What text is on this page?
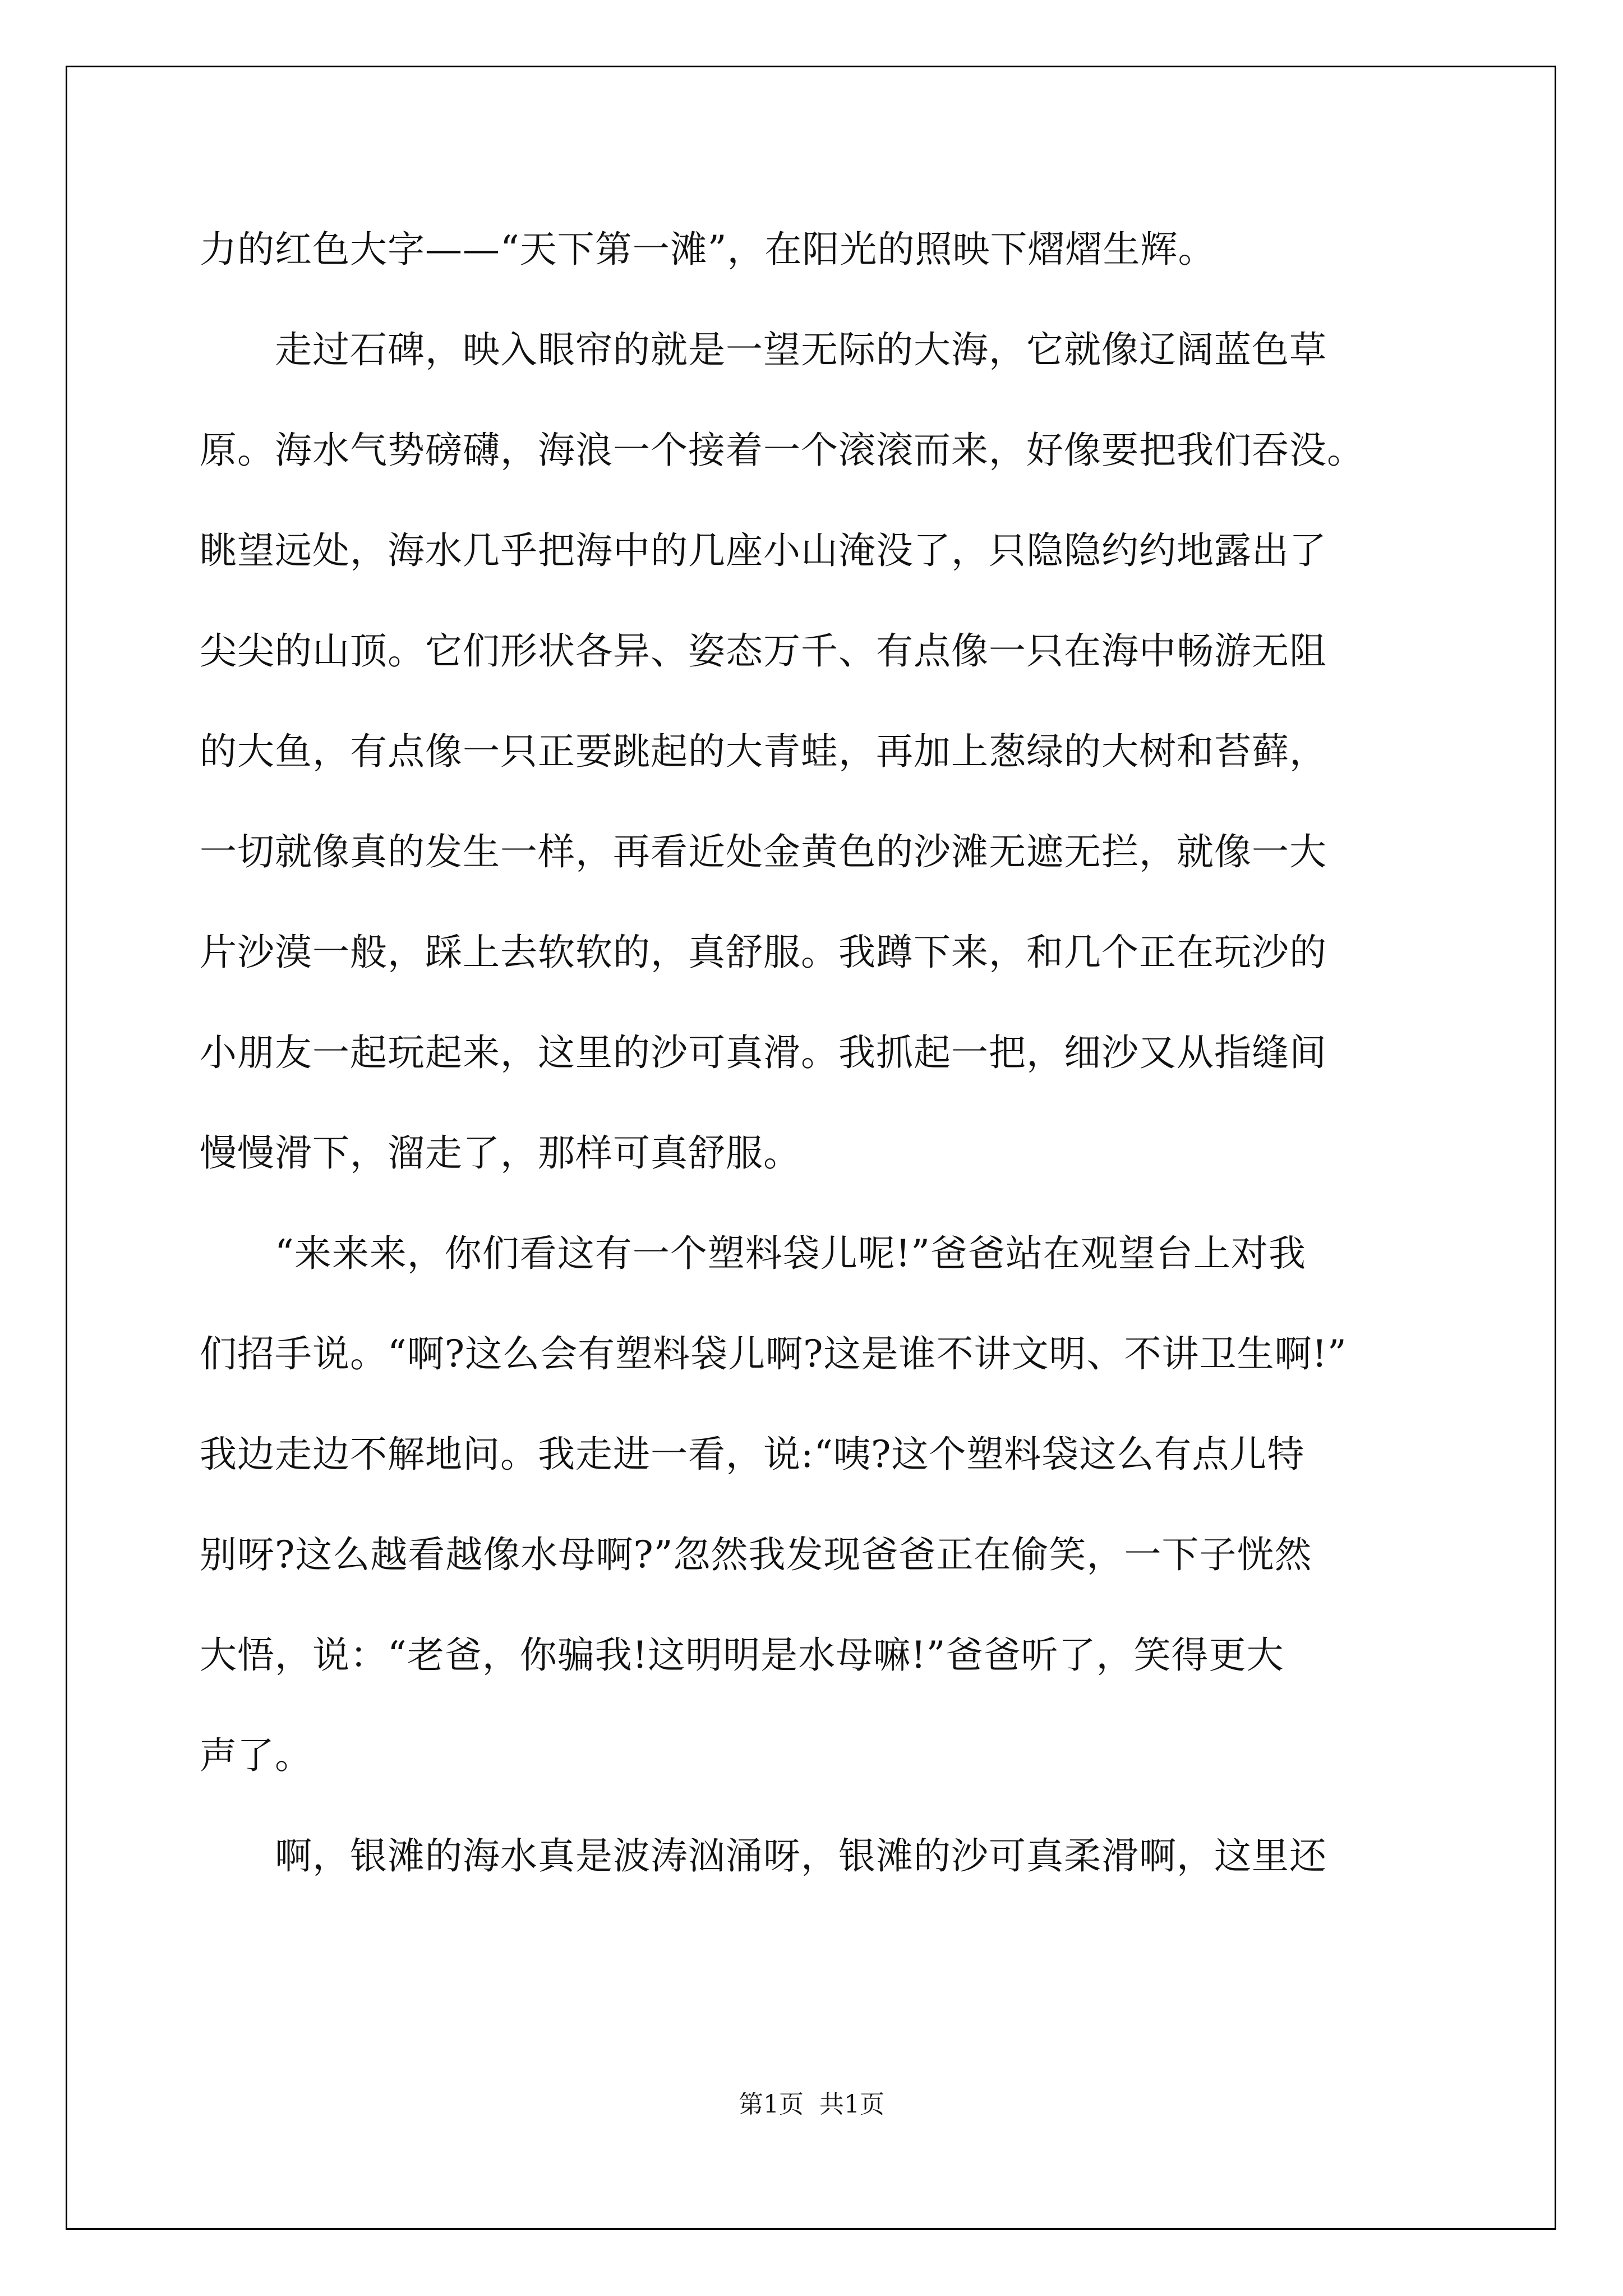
力的红色大字——“天下第一滩”，在阳光的照映下熠熠生辉。
　　走过石碑，映入眼帘的就是一望无际的大海，它就像辽阔蓝色草
原。海水气势磅礴，海浪一个接着一个滚滚而来，好像要把我们吞没。
眺望远处，海水几乎把海中的几座小山淹没了，只隐隐约约地露出了
尖尖的山顶。它们形状各异、姿态万千、有点像一只在海中畅游无阻
的大鱼，有点像一只正要跳起的大青蛙，再加上葱绿的大树和苔藓，
一切就像真的发生一样，再看近处金黄色的沙滩无遮无拦，就像一大
片沙漠一般，踩上去软软的，真舒服。我蹲下来，和几个正在玩沙的
小朋友一起玩起来，这里的沙可真滑。我抓起一把，细沙又从指缝间
慢慢滑下，溜走了，那样可真舒服。
　　“来来来，你们看这有一个塑料袋儿呢!”爸爸站在观望台上对我
们招手说。“啊?这么会有塑料袋儿啊?这是谁不讲文明、不讲卫生啊!”
我边走边不解地问。我走进一看，说:“咦?这个塑料袋这么有点儿特
别呀?这么越看越像水母啊?”忽然我发现爸爸正在偷笑，一下子恍然
大悟，说：“老爸，你骗我!这明明是水母嘛!”爸爸听了，笑得更大
声了。
　　啊，银滩的海水真是波涛汹涌呀，银滩的沙可真柔滑啊，这里还
第1页 共1页
